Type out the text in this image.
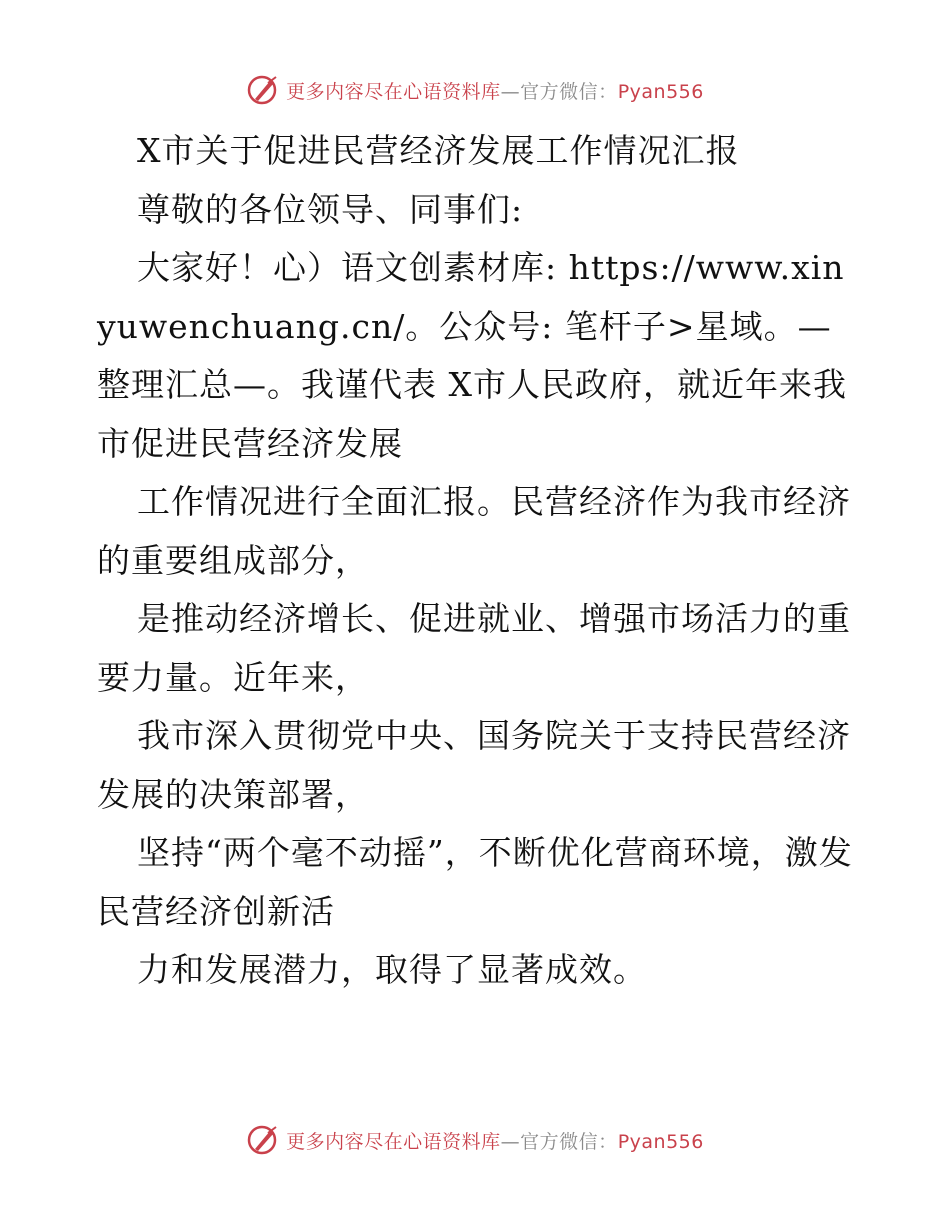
更多内容尽在心语资料库—官方微信：Pyan556

X市关于促进民营经济发展工作情况汇报

尊敬的各位领导、同事们:

大家好！心）语文创素材库: https://www.xinyuwenchuang.cn/。公众号: 笔杆子>星域。—整理汇总—。我谨代表 X市人民政府，就近年来我市促进民营经济发展

工作情况进行全面汇报。民营经济作为我市经济的重要组成部分，

是推动经济增长、促进就业、增强市场活力的重要力量。近年来，

我市深入贯彻党中央、国务院关于支持民营经济发展的决策部署，

坚持“两个毫不动摇”，不断优化营商环境，激发民营经济创新活

力和发展潜力，取得了显著成效。

更多内容尽在心语资料库—官方微信：Pyan556
